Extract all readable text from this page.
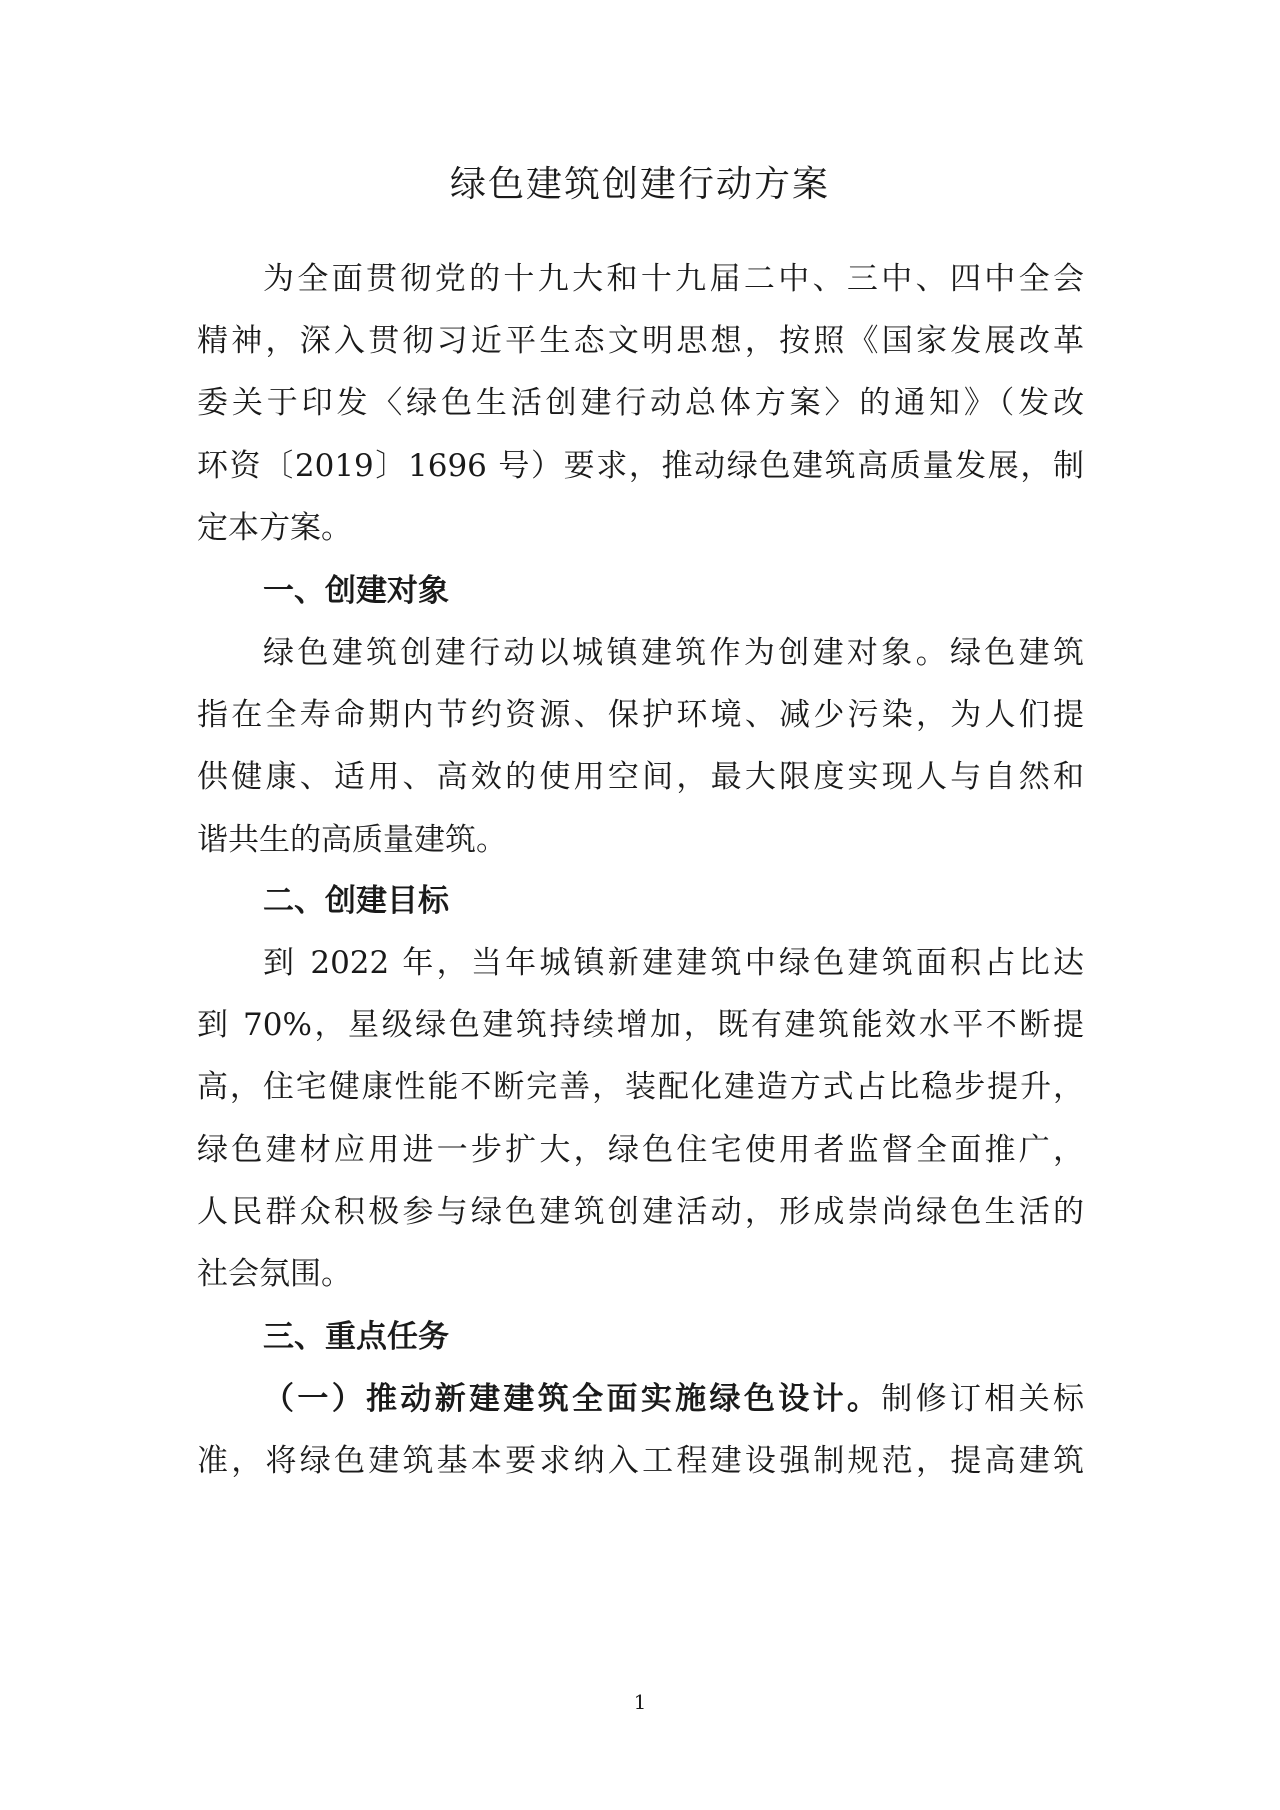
绿色建筑创建行动方案
为全面贯彻党的十九大和十九届二中、三中、四中全会
精神，深入贯彻习近平生态文明思想，按照《国家发展改革
委关于印发〈绿色生活创建行动总体方案〉的通知》（发改
环资〔2019〕1696 号）要求，推动绿色建筑高质量发展，制
定本方案。
一、创建对象
绿色建筑创建行动以城镇建筑作为创建对象。绿色建筑
指在全寿命期内节约资源、保护环境、减少污染，为人们提
供健康、适用、高效的使用空间，最大限度实现人与自然和
谐共生的高质量建筑。
二、创建目标
到 2022 年，当年城镇新建建筑中绿色建筑面积占比达
到 70%，星级绿色建筑持续增加，既有建筑能效水平不断提
高，住宅健康性能不断完善，装配化建造方式占比稳步提升，
绿色建材应用进一步扩大，绿色住宅使用者监督全面推广，
人民群众积极参与绿色建筑创建活动，形成崇尚绿色生活的
社会氛围。
三、重点任务
（一）推动新建建筑全面实施绿色设计。制修订相关标
准，将绿色建筑基本要求纳入工程建设强制规范，提高建筑
1
